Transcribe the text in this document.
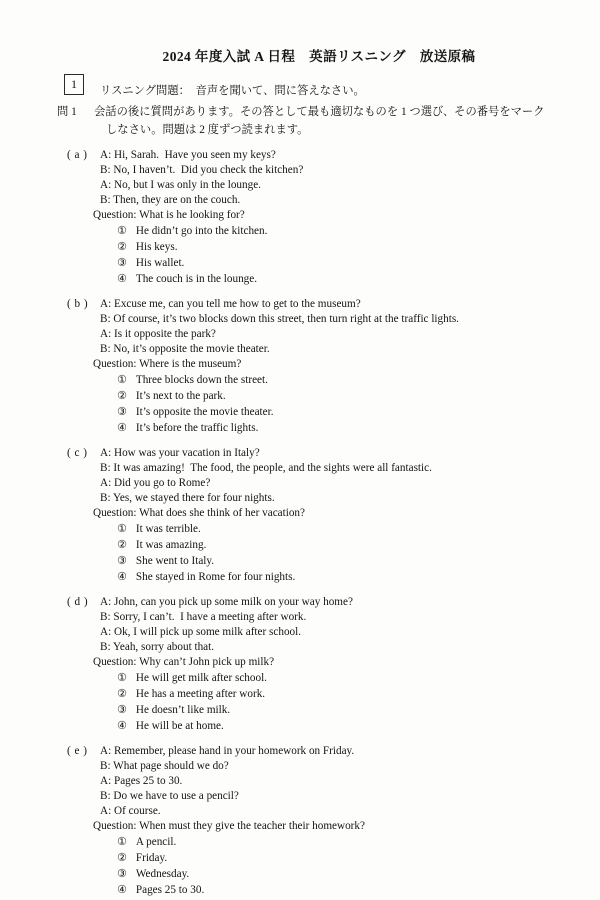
2024 年度入試 A 日程　英語リスニング　放送原稿
1 リスニング問題：　音声を聞いて、問に答えなさい。
問 1 会話の後に質問があります。その答として最も適切なものを 1 つ選び、その番号をマーク
しなさい。問題は 2 度ずつ読まれます。
( a ) A: Hi, Sarah.  Have you seen my keys?
B: No, I haven’t.  Did you check the kitchen?
A: No, but I was only in the lounge.
B: Then, they are on the couch.
Question: What is he looking for?
① He didn’t go into the kitchen.
② His keys.
③ His wallet.
④ The couch is in the lounge.
( b ) A: Excuse me, can you tell me how to get to the museum?
B: Of course, it’s two blocks down this street, then turn right at the traffic lights.
A: Is it opposite the park?
B: No, it’s opposite the movie theater.
Question: Where is the museum?
① Three blocks down the street.
② It’s next to the park.
③ It’s opposite the movie theater.
④ It’s before the traffic lights.
( c ) A: How was your vacation in Italy?
B: It was amazing!  The food, the people, and the sights were all fantastic.
A: Did you go to Rome?
B: Yes, we stayed there for four nights.
Question: What does she think of her vacation?
① It was terrible.
② It was amazing.
③ She went to Italy.
④ She stayed in Rome for four nights.
( d ) A: John, can you pick up some milk on your way home?
B: Sorry, I can’t.  I have a meeting after work.
A: Ok, I will pick up some milk after school.
B: Yeah, sorry about that.
Question: Why can’t John pick up milk?
① He will get milk after school.
② He has a meeting after work.
③ He doesn’t like milk.
④ He will be at home.
( e ) A: Remember, please hand in your homework on Friday.
B: What page should we do?
A: Pages 25 to 30.
B: Do we have to use a pencil?
A: Of course.
Question: When must they give the teacher their homework?
① A pencil.
② Friday.
③ Wednesday.
④ Pages 25 to 30.
